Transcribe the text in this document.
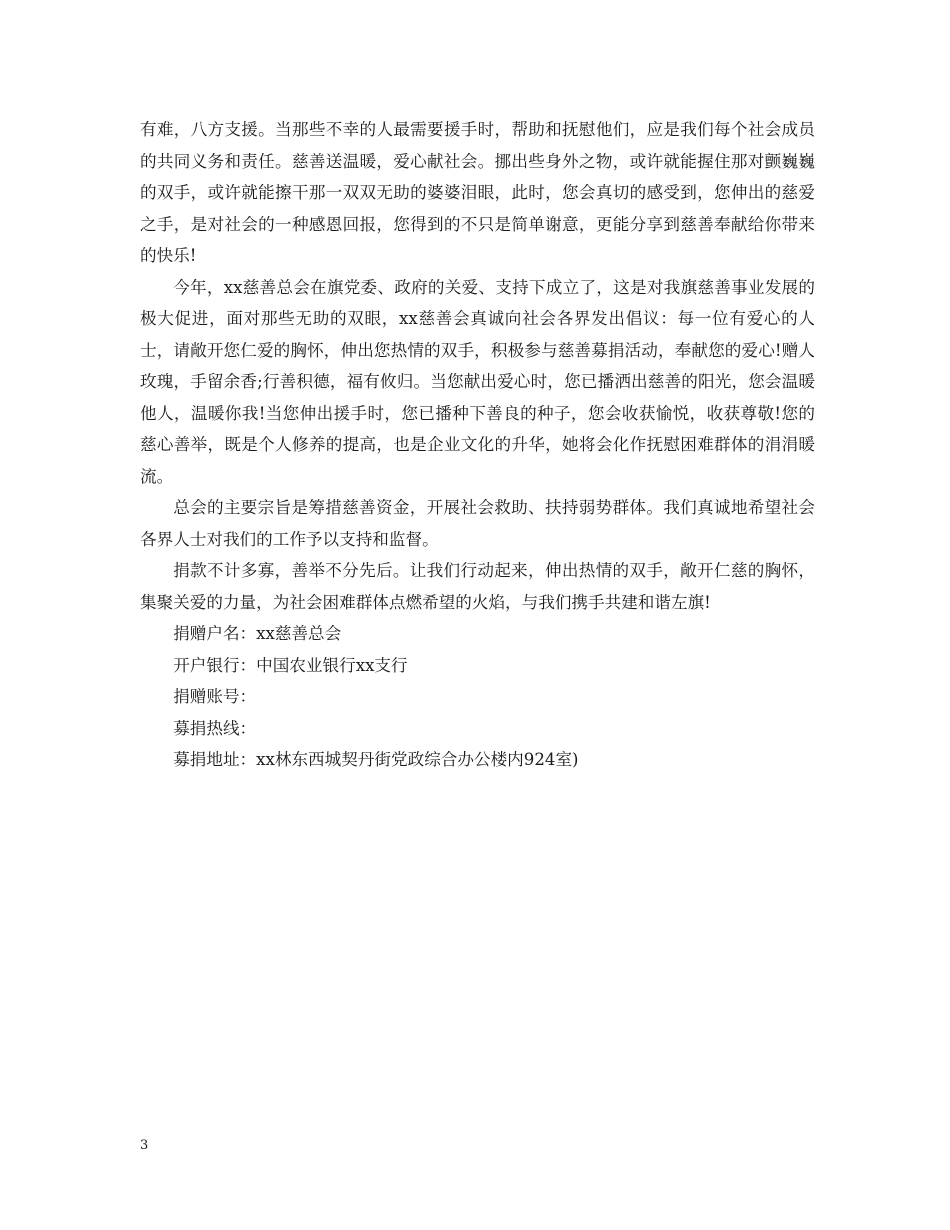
有难，八方支援。当那些不幸的人最需要援手时，帮助和抚慰他们，应是我们每个社会成员的共同义务和责任。慈善送温暖，爱心献社会。挪出些身外之物，或许就能握住那对颤巍巍的双手，或许就能擦干那一双双无助的婆婆泪眼，此时，您会真切的感受到，您伸出的慈爱之手，是对社会的一种感恩回报，您得到的不只是简单谢意，更能分享到慈善奉献给你带来的快乐!

今年，xx慈善总会在旗党委、政府的关爱、支持下成立了，这是对我旗慈善事业发展的极大促进，面对那些无助的双眼，xx慈善会真诚向社会各界发出倡议：每一位有爱心的人士，请敞开您仁爱的胸怀，伸出您热情的双手，积极参与慈善募捐活动，奉献您的爱心!赠人玫瑰，手留余香;行善积德，福有攸归。当您献出爱心时，您已播洒出慈善的阳光，您会温暖他人，温暖你我!当您伸出援手时，您已播种下善良的种子，您会收获愉悦，收获尊敬!您的慈心善举，既是个人修养的提高，也是企业文化的升华，她将会化作抚慰困难群体的涓涓暖流。

总会的主要宗旨是筹措慈善资金，开展社会救助、扶持弱势群体。我们真诚地希望社会各界人士对我们的工作予以支持和监督。

捐款不计多寡，善举不分先后。让我们行动起来，伸出热情的双手，敞开仁慈的胸怀，集聚关爱的力量，为社会困难群体点燃希望的火焰，与我们携手共建和谐左旗!

捐赠户名：xx慈善总会

开户银行：中国农业银行xx支行

捐赠账号：

募捐热线：

募捐地址：xx林东西城契丹街党政综合办公楼内924室)

3
